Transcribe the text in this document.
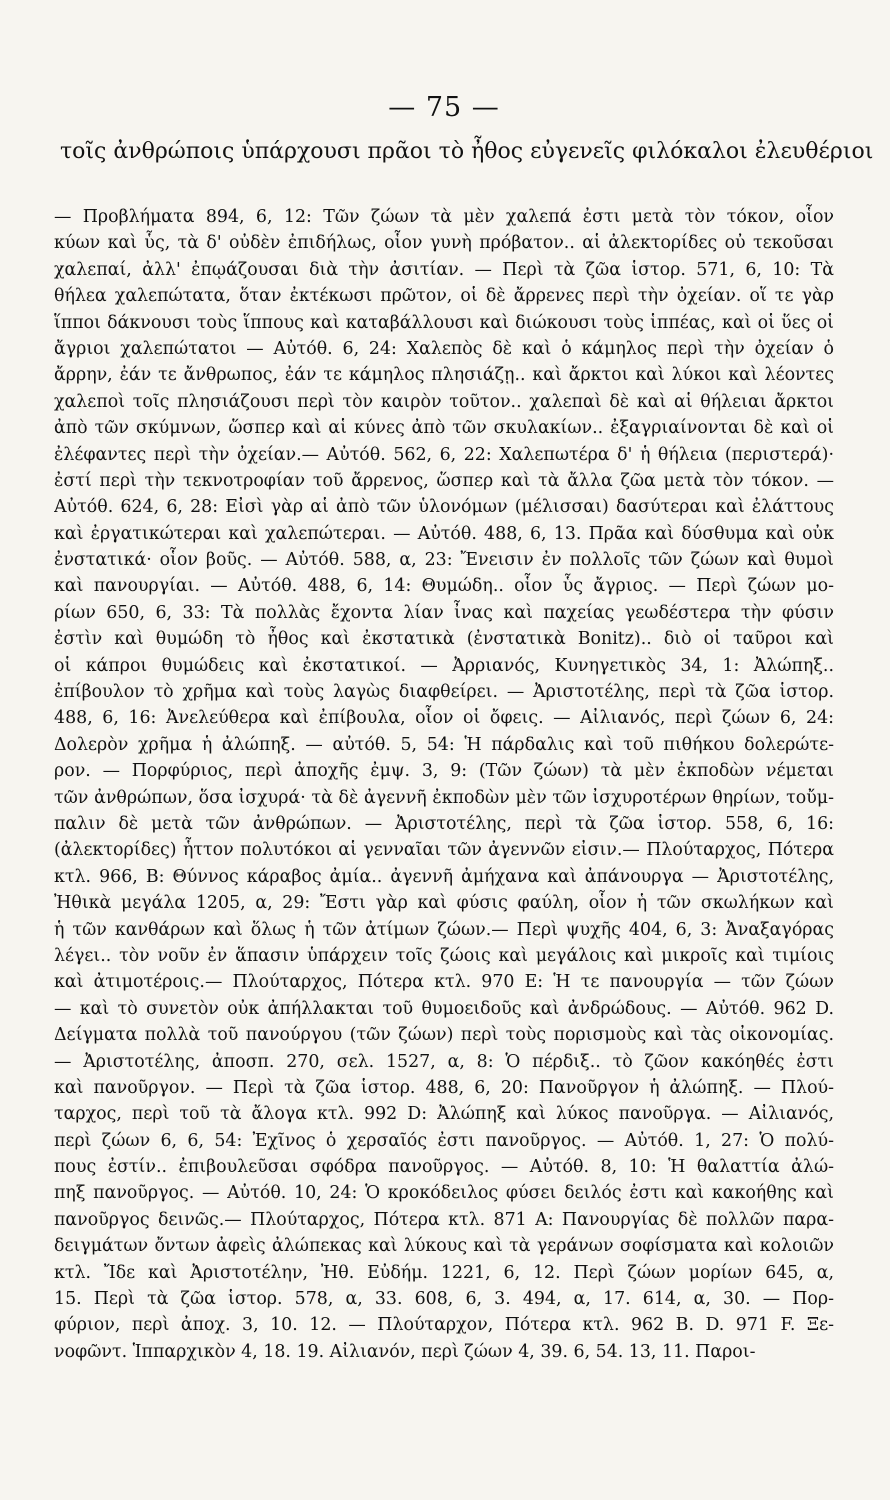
— 75 —
τοῖς ἀνθρώποις ὑπάρχουσι πρᾶοι τὸ ἦθος εὐγενεῖς φιλόκαλοι ἐλευθέριοι
— Προβλήματα 894, 6, 12: Τῶν ζώων τὰ μὲν χαλεπά ἐστι μετὰ τὸν τόκον, οἷον
κύων καὶ ὗς, τὰ δ' οὐδὲν ἐπιδήλως, οἷον γυνὴ πρόβατον.. αἱ ἀλεκτορίδες οὐ τεκοῦσαι
χαλεπαί, ἀλλ' ἐπῳάζουσαι διὰ τὴν ἀσιτίαν. — Περὶ τὰ ζῶα ἱστορ. 571, 6, 10: Τὰ
θήλεα χαλεπώτατα, ὅταν ἐκτέκωσι πρῶτον, οἱ δὲ ἄρρενες περὶ τὴν ὀχείαν. οἵ τε γὰρ
ἵπποι δάκνουσι τοὺς ἵππους καὶ καταβάλλουσι καὶ διώκουσι τοὺς ἱππέας, καὶ οἱ ὕες οἱ
ἄγριοι χαλεπώτατοι — Αὐτόθ. 6, 24: Χαλεπὸς δὲ καὶ ὁ κάμηλος περὶ τὴν ὀχείαν ὁ
ἄρρην, ἐάν τε ἄνθρωπος, ἐάν τε κάμηλος πλησιάζῃ.. καὶ ἄρκτοι καὶ λύκοι καὶ λέοντες
χαλεποὶ τοῖς πλησιάζουσι περὶ τὸν καιρὸν τοῦτον.. χαλεπαὶ δὲ καὶ αἱ θήλειαι ἄρκτοι
ἀπὸ τῶν σκύμνων, ὥσπερ καὶ αἱ κύνες ἀπὸ τῶν σκυλακίων.. ἐξαγριαίνονται δὲ καὶ οἱ
ἐλέφαντες περὶ τὴν ὀχείαν.— Αὐτόθ. 562, 6, 22: Χαλεπωτέρα δ' ἡ θήλεια (περιστερά)·
ἐστί περὶ τὴν τεκνοτροφίαν τοῦ ἄρρενος, ὥσπερ καὶ τὰ ἄλλα ζῶα μετὰ τὸν τόκον. —
Αὐτόθ. 624, 6, 28: Εἰσὶ γὰρ αἱ ἀπὸ τῶν ὑλονόμων (μέλισσαι) δασύτεραι καὶ ἐλάττους
καὶ ἐργατικώτεραι καὶ χαλεπώτεραι. — Αὐτόθ. 488, 6, 13. Πρᾶα καὶ δύσθυμα καὶ οὐκ
ἐνστατικά· οἷον βοῦς. — Αὐτόθ. 588, α, 23: Ἔνεισιν ἐν πολλοῖς τῶν ζώων καὶ θυμοὶ
καὶ πανουργίαι. — Αὐτόθ. 488, 6, 14: Θυμώδη.. οἷον ὗς ἄγριος. — Περὶ ζώων μο-
ρίων 650, 6, 33: Τὰ πολλὰς ἔχοντα λίαν ἶνας καὶ παχείας γεωδέστερα τὴν φύσιν
ἐστὶν καὶ θυμώδη τὸ ἦθος καὶ ἐκστατικὰ (ἐνστατικὰ Bonitz).. διὸ οἱ ταῦροι καὶ
οἱ κάπροι θυμώδεις καὶ ἐκστατικοί. — Ἀρριανός, Κυνηγετικὸς 34, 1: Ἀλώπηξ..
ἐπίβουλον τὸ χρῆμα καὶ τοὺς λαγὼς διαφθείρει. — Ἀριστοτέλης, περὶ τὰ ζῶα ἱστορ.
488, 6, 16: Ἀνελεύθερα καὶ ἐπίβουλα, οἷον οἱ ὄφεις. — Αἰλιανός, περὶ ζώων 6, 24:
Δολερὸν χρῆμα ἡ ἀλώπηξ. — αὐτόθ. 5, 54: Ἡ πάρδαλις καὶ τοῦ πιθήκου δολερώτε-
ρον. — Πορφύριος, περὶ ἀποχῆς ἐμψ. 3, 9: (Τῶν ζώων) τὰ μὲν ἐκποδὼν νέμεται
τῶν ἀνθρώπων, ὅσα ἰσχυρά· τὰ δὲ ἀγεννῆ ἐκποδὼν μὲν τῶν ἰσχυροτέρων θηρίων, τοὔμ-
παλιν δὲ μετὰ τῶν ἀνθρώπων. — Ἀριστοτέλης, περὶ τὰ ζῶα ἱστορ. 558, 6, 16:
(ἀλεκτορίδες) ἧττον πολυτόκοι αἱ γενναῖαι τῶν ἀγεννῶν εἰσιν.— Πλούταρχος, Πότερα
κτλ. 966, Β: Θύννος κάραβος ἀμία.. ἀγεννῆ ἀμήχανα καὶ ἀπάνουργα — Ἀριστοτέλης,
Ἠθικὰ μεγάλα 1205, α, 29: Ἔστι γὰρ καὶ φύσις φαύλη, οἷον ἡ τῶν σκωλήκων καὶ
ἡ τῶν κανθάρων καὶ ὅλως ἡ τῶν ἀτίμων ζώων.— Περὶ ψυχῆς 404, 6, 3: Ἀναξαγόρας
λέγει.. τὸν νοῦν ἐν ἅπασιν ὑπάρχειν τοῖς ζώοις καὶ μεγάλοις καὶ μικροῖς καὶ τιμίοις
καὶ ἀτιμοτέροις.— Πλούταρχος, Πότερα κτλ. 970 Ε: Ἡ τε πανουργία — τῶν ζώων
— καὶ τὸ συνετὸν οὐκ ἀπήλλακται τοῦ θυμοειδοῦς καὶ ἀνδρώδους. — Αὐτόθ. 962 D.
Δείγματα πολλὰ τοῦ πανούργου (τῶν ζώων) περὶ τοὺς πορισμοὺς καὶ τὰς οἰκονομίας.
— Ἀριστοτέλης, ἀποσπ. 270, σελ. 1527, α, 8: Ὁ πέρδιξ.. τὸ ζῶον κακόηθές ἐστι
καὶ πανοῦργον. — Περὶ τὰ ζῶα ἱστορ. 488, 6, 20: Πανοῦργον ἡ ἀλώπηξ. — Πλού-
ταρχος, περὶ τοῦ τὰ ἄλογα κτλ. 992 D: Ἀλώπηξ καὶ λύκος πανοῦργα. — Αἰλιανός,
περὶ ζώων 6, 6, 54: Ἐχῖνος ὁ χερσαῖός ἐστι πανοῦργος. — Αὐτόθ. 1, 27: Ὁ πολύ-
πους ἐστίν.. ἐπιβουλεῦσαι σφόδρα πανοῦργος. — Αὐτόθ. 8, 10: Ἡ θαλαττία ἀλώ-
πηξ πανοῦργος. — Αὐτόθ. 10, 24: Ὁ κροκόδειλος φύσει δειλός ἐστι καὶ κακοήθης καὶ
πανοῦργος δεινῶς.— Πλούταρχος, Πότερα κτλ. 871 Α: Πανουργίας δὲ πολλῶν παρα-
δειγμάτων ὄντων ἀφεὶς ἀλώπεκας καὶ λύκους καὶ τὰ γεράνων σοφίσματα καὶ κολοιῶν
κτλ. Ἴδε καὶ Ἀριστοτέλην, Ἠθ. Εὐδήμ. 1221, 6, 12. Περὶ ζώων μορίων 645, α,
15. Περὶ τὰ ζῶα ἱστορ. 578, α, 33. 608, 6, 3. 494, α, 17. 614, α, 30. — Πορ-
φύριον, περὶ ἀποχ. 3, 10. 12. — Πλούταρχον, Πότερα κτλ. 962 Β. D. 971 F. Ξε-
νοφῶντ. Ἱππαρχικὸν 4, 18. 19. Αἰλιανόν, περὶ ζώων 4, 39. 6, 54. 13, 11. Παροι-
